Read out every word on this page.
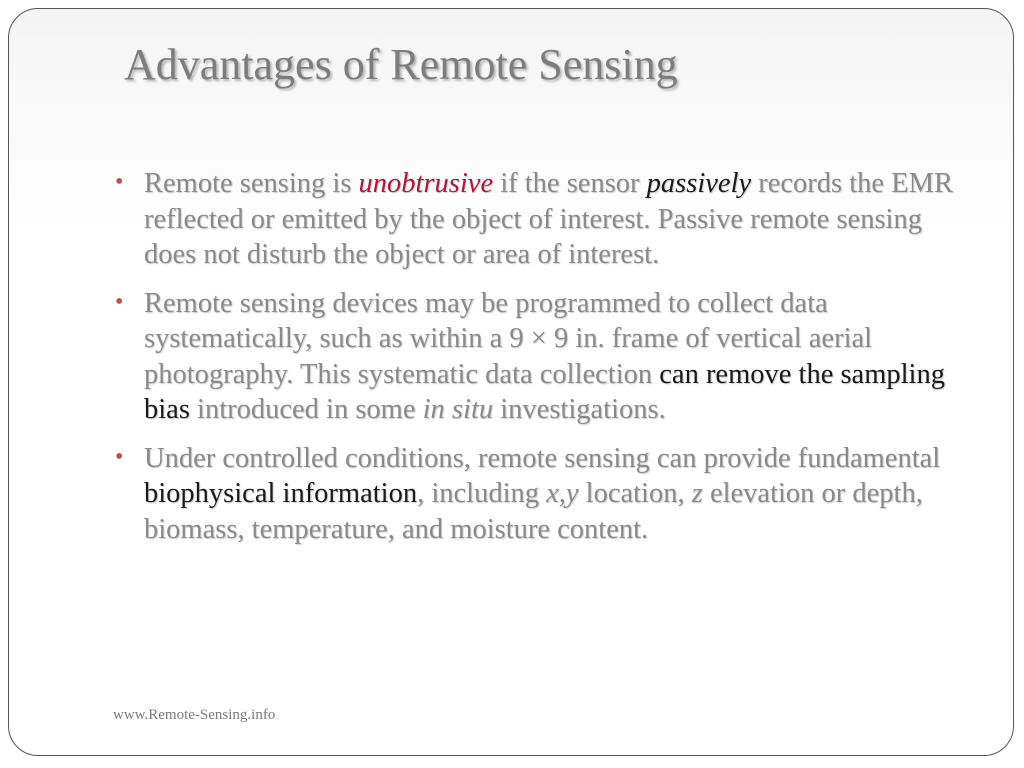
Advantages of Remote Sensing
• Remote sensing is unobtrusive if the sensor passively records the EMR reflected or emitted by the object of interest. Passive remote sensing does not disturb the object or area of interest.
• Remote sensing devices may be programmed to collect data systematically, such as within a 9 × 9 in. frame of vertical aerial photography. This systematic data collection can remove the sampling bias introduced in some in situ investigations.
• Under controlled conditions, remote sensing can provide fundamental biophysical information, including x,y location, z elevation or depth, biomass, temperature, and moisture content.
www.Remote-Sensing.info
